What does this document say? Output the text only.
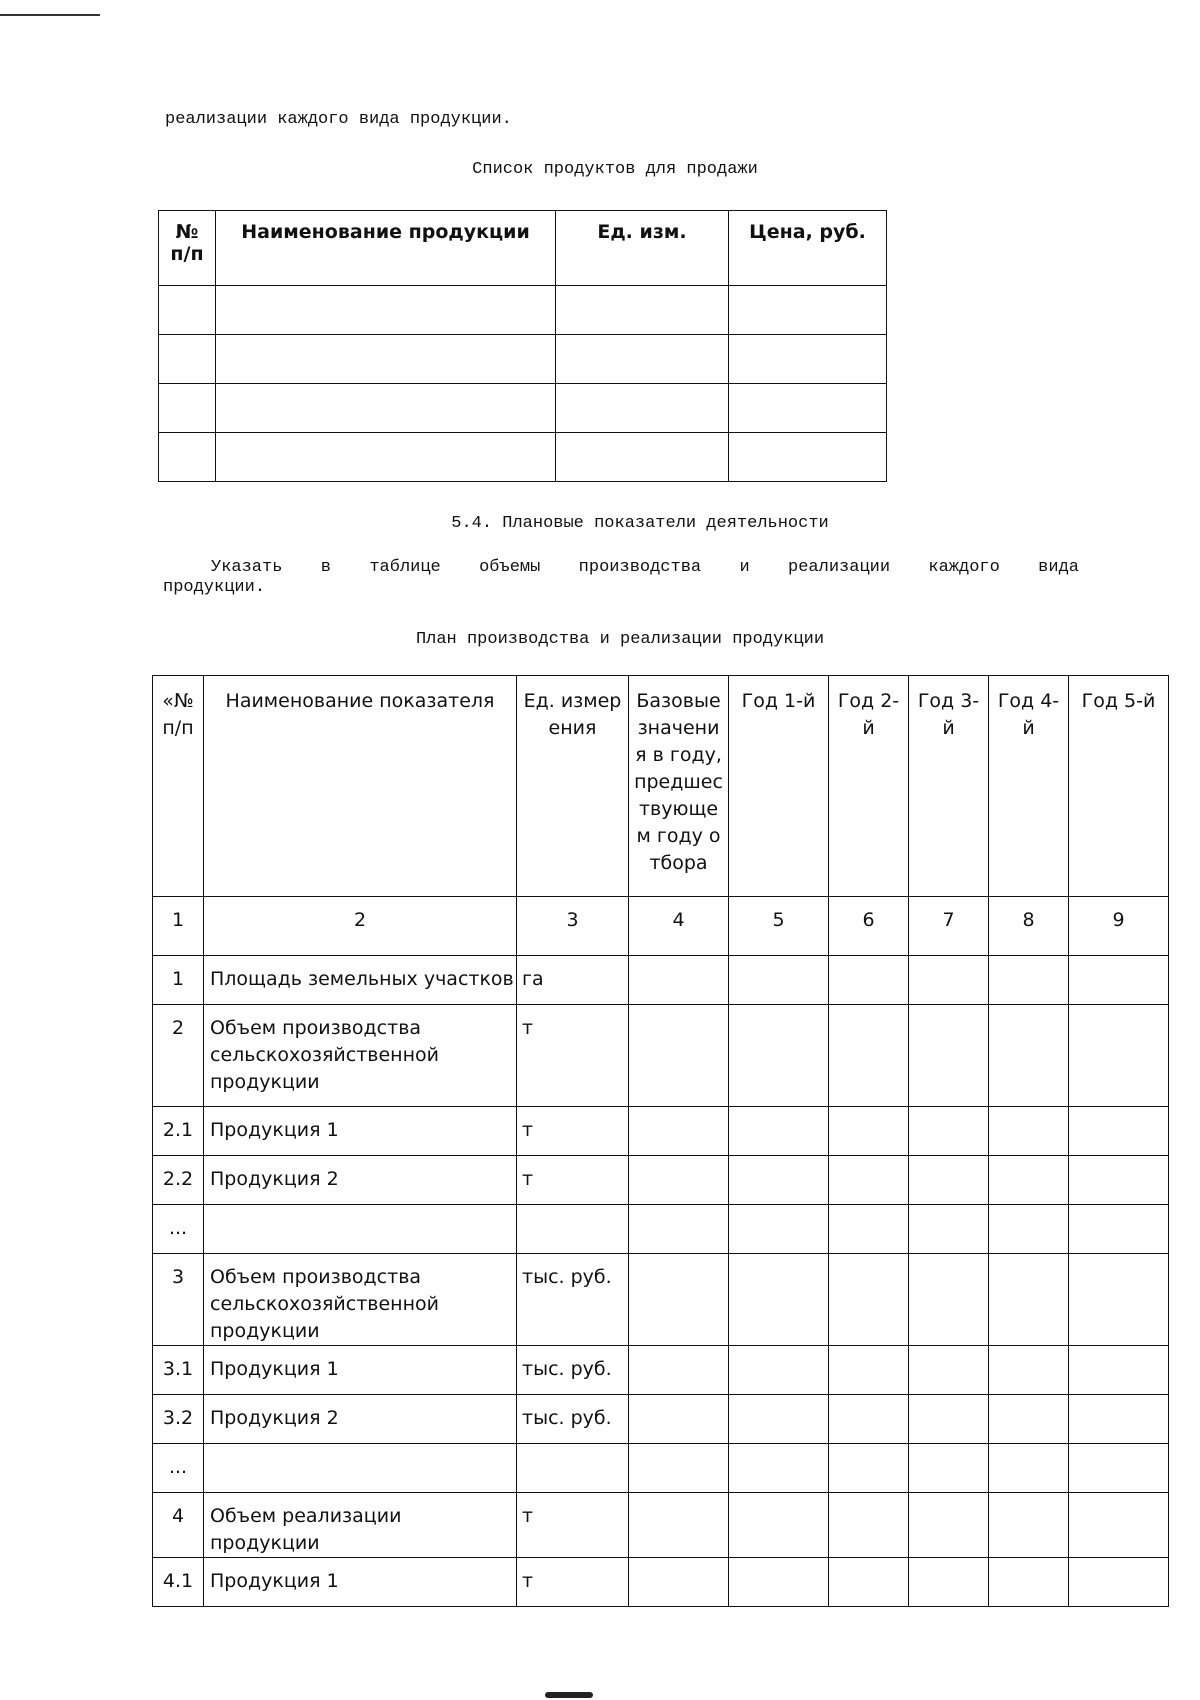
реализации каждого вида продукции.
Список продуктов для продажи
№ п/п	Наименование продукции	Ед. изм.	Цена, руб.

5.4. Плановые показатели деятельности
Указать в таблице объемы производства и реализации каждого вида
продукции.
План производства и реализации продукции
«№ п/п	Наименование показателя	Ед. измерения	Базовые значения в году, предшествующем году отбора	Год 1-й	Год 2-й	Год 3-й	Год 4-й	Год 5-й
1	2	3	4	5	6	7	8	9
1	Площадь земельных участков	га						
2	Объем производства сельскохозяйственной продукции	т						
2.1	Продукция 1	т						
2.2	Продукция 2	т						
...								
3	Объем производства сельскохозяйственной продукции	тыс. руб.						
3.1	Продукция 1	тыс. руб.						
3.2	Продукция 2	тыс. руб.						
...								
4	Объем реализации продукции	т						
4.1	Продукция 1	т						
